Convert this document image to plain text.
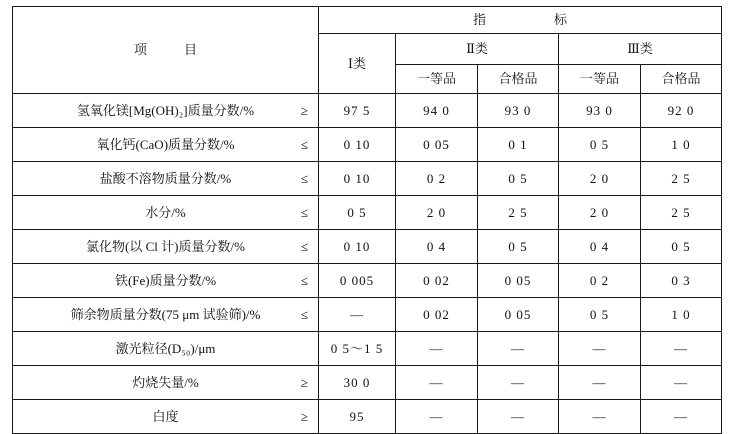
项　目	指　　标				
	Ⅰ类	Ⅱ类		Ⅲ类	
		一等品	合格品	一等品	合格品
氢氧化镁[Mg(OH)₂]质量分数/% ≥	97 5	94 0	93 0	93 0	92 0
氧化钙(CaO)质量分数/% ≤	0 10	0 05	0 1	0 5	1 0
盐酸不溶物质量分数/% ≤	0 10	0 2	0 5	2 0	2 5
水分/% ≤	0 5	2 0	2 5	2 0	2 5
氯化物(以 Cl 计)质量分数/% ≤	0 10	0 4	0 5	0 4	0 5
铁(Fe)质量分数/% ≤	0 005	0 02	0 05	0 2	0 3
筛余物质量分数(75 μm 试验筛)/% ≤	—	0 02	0 05	0 5	1 0
激光粒径(D₅₀)/μm	0 5～1 5	—	—	—	—
灼烧失量/% ≥	30 0	—	—	—	—
白度 ≥	95	—	—	—	—
